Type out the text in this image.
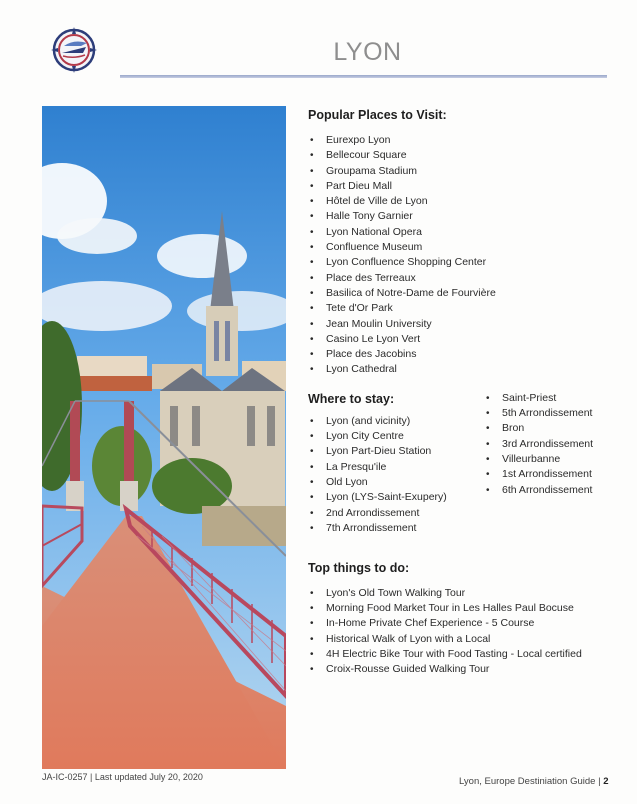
LYON
Popular Places to Visit:
• Eurexpo Lyon
• Bellecour Square
• Groupama Stadium
• Part Dieu Mall
• Hôtel de Ville de Lyon
• Halle Tony Garnier
• Lyon National Opera
• Confluence Museum
• Lyon Confluence Shopping Center
• Place des Terreaux
• Basilica of Notre-Dame de Fourvière
• Tete d'Or Park
• Jean Moulin University
• Casino Le Lyon Vert
• Place des Jacobins
• Lyon Cathedral
Where to stay:
• Lyon (and vicinity)
• Lyon City Centre
• Lyon Part-Dieu Station
• La Presqu'ile
• Old Lyon
• Lyon (LYS-Saint-Exupery)
• 2nd Arrondissement
• 7th Arrondissement
• Saint-Priest
• 5th Arrondissement
• Bron
• 3rd Arrondissement
• Villeurbanne
• 1st Arrondissement
• 6th Arrondissement
Top things to do:
• Lyon's Old Town Walking Tour
• Morning Food Market Tour in Les Halles Paul Bocuse
• In-Home Private Chef Experience - 5 Course
• Historical Walk of Lyon with a Local
• 4H Electric Bike Tour with Food Tasting - Local certified
• Croix-Rousse Guided Walking Tour
JA-IC-0257 | Last updated July 20, 2020	Lyon, Europe Destiniation Guide | 2
